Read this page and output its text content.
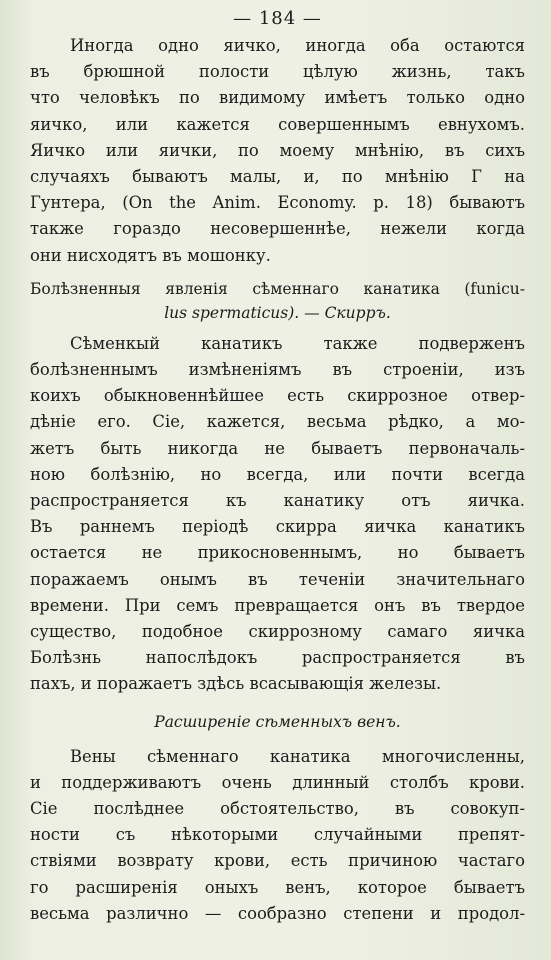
— 184 —
Иногда одно яичко, иногда оба остаются
въ брюшной полости цѣлую жизнь, такъ
что человѣкъ по видимому имѣетъ только одно
яичко, или кажется совершеннымъ евнухомъ.
Яичко или яички, по моему мнѣнію, въ сихъ
случаяхъ бываютъ малы, и, по мнѣнію Г на
Гунтера, (On the Anim. Economy. p. 18) бываютъ
также гораздо несовершеннѣе, нежели когда
они нисходятъ въ мошонку.
Болѣзненныя явленія сѣменнаго канатика (funicu-
lus spermaticus). — Скирръ.
Сѣменкый канатикъ также подверженъ
болѣзненнымъ измѣненіямъ въ строеніи, изъ
коихъ обыкновеннѣйшее есть скиррозное отвер-
дѣніе его. Сіе, кажется, весьма рѣдко, а мо-
жетъ быть никогда не бываетъ первоначаль-
ною болѣзнію, но всегда, или почти всегда
распространяется къ канатику отъ яичка.
Въ раннемъ періодѣ скирра яичка канатикъ
остается не прикосновеннымъ, но бываетъ
поражаемъ онымъ въ теченіи значительнаго
времени. При семъ превращается онъ въ твердое
существо, подобное скиррозному самаго яичка
Болѣзнь напослѣдокъ распространяется въ
пахъ, и поражаетъ здѣсь всасывающія железы.
Расширеніе сѣменныхъ венъ.
Вены сѣменнаго канатика многочисленны,
и поддерживаютъ очень длинный столбъ крови.
Сіе послѣднее обстоятельство, въ совокуп-
ности съ нѣкоторыми случайными препят-
ствіями возврату крови, есть причиною частаго
го расширенія оныхъ венъ, которое бываетъ
весьма различно — сообразно степени и продол-
